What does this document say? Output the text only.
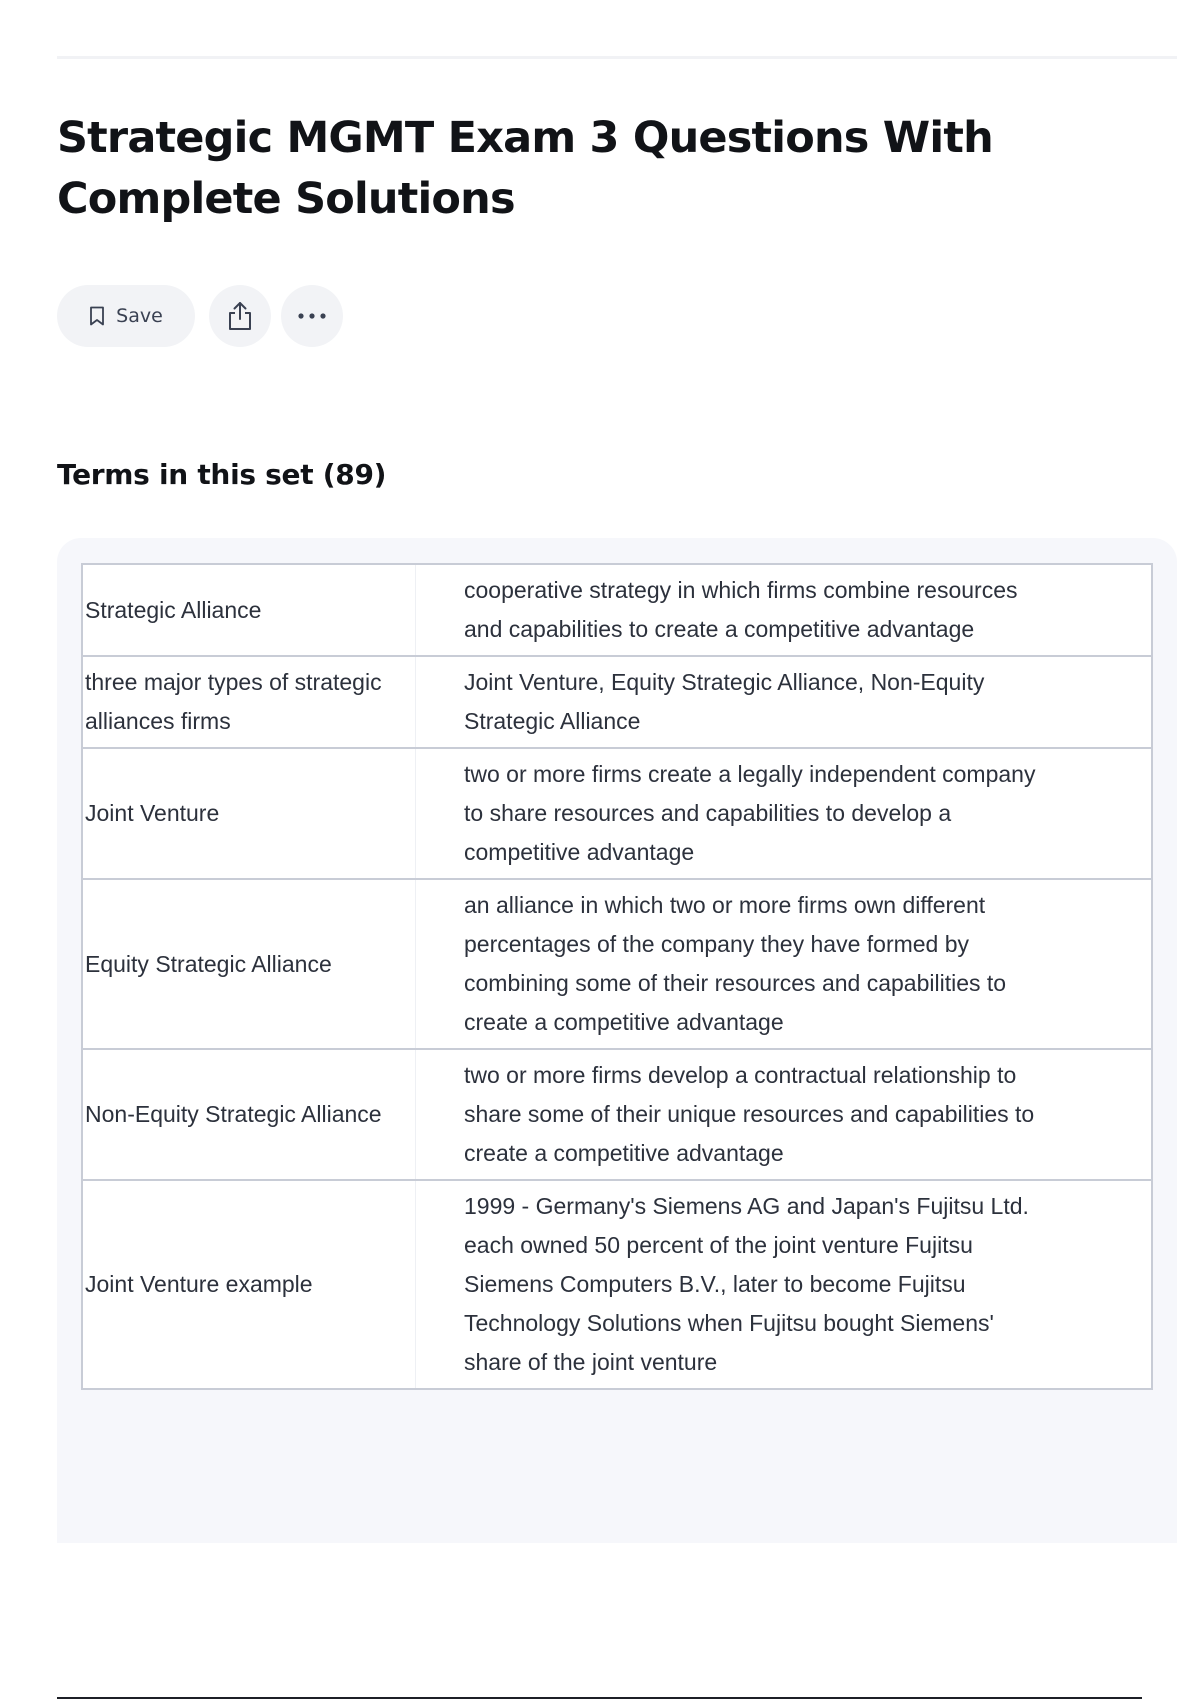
Strategic MGMT Exam 3 Questions With Complete Solutions
Save
Terms in this set (89)
Strategic Alliance	cooperative strategy in which firms combine resources and capabilities to create a competitive advantage
three major types of strategic alliances firms	Joint Venture, Equity Strategic Alliance, Non-Equity Strategic Alliance
Joint Venture	two or more firms create a legally independent company to share resources and capabilities to develop a competitive advantage
Equity Strategic Alliance	an alliance in which two or more firms own different percentages of the company they have formed by combining some of their resources and capabilities to create a competitive advantage
Non-Equity Strategic Alliance	two or more firms develop a contractual relationship to share some of their unique resources and capabilities to create a competitive advantage
Joint Venture example	1999 - Germany's Siemens AG and Japan's Fujitsu Ltd. each owned 50 percent of the joint venture Fujitsu Siemens Computers B.V., later to become Fujitsu Technology Solutions when Fujitsu bought Siemens' share of the joint venture
